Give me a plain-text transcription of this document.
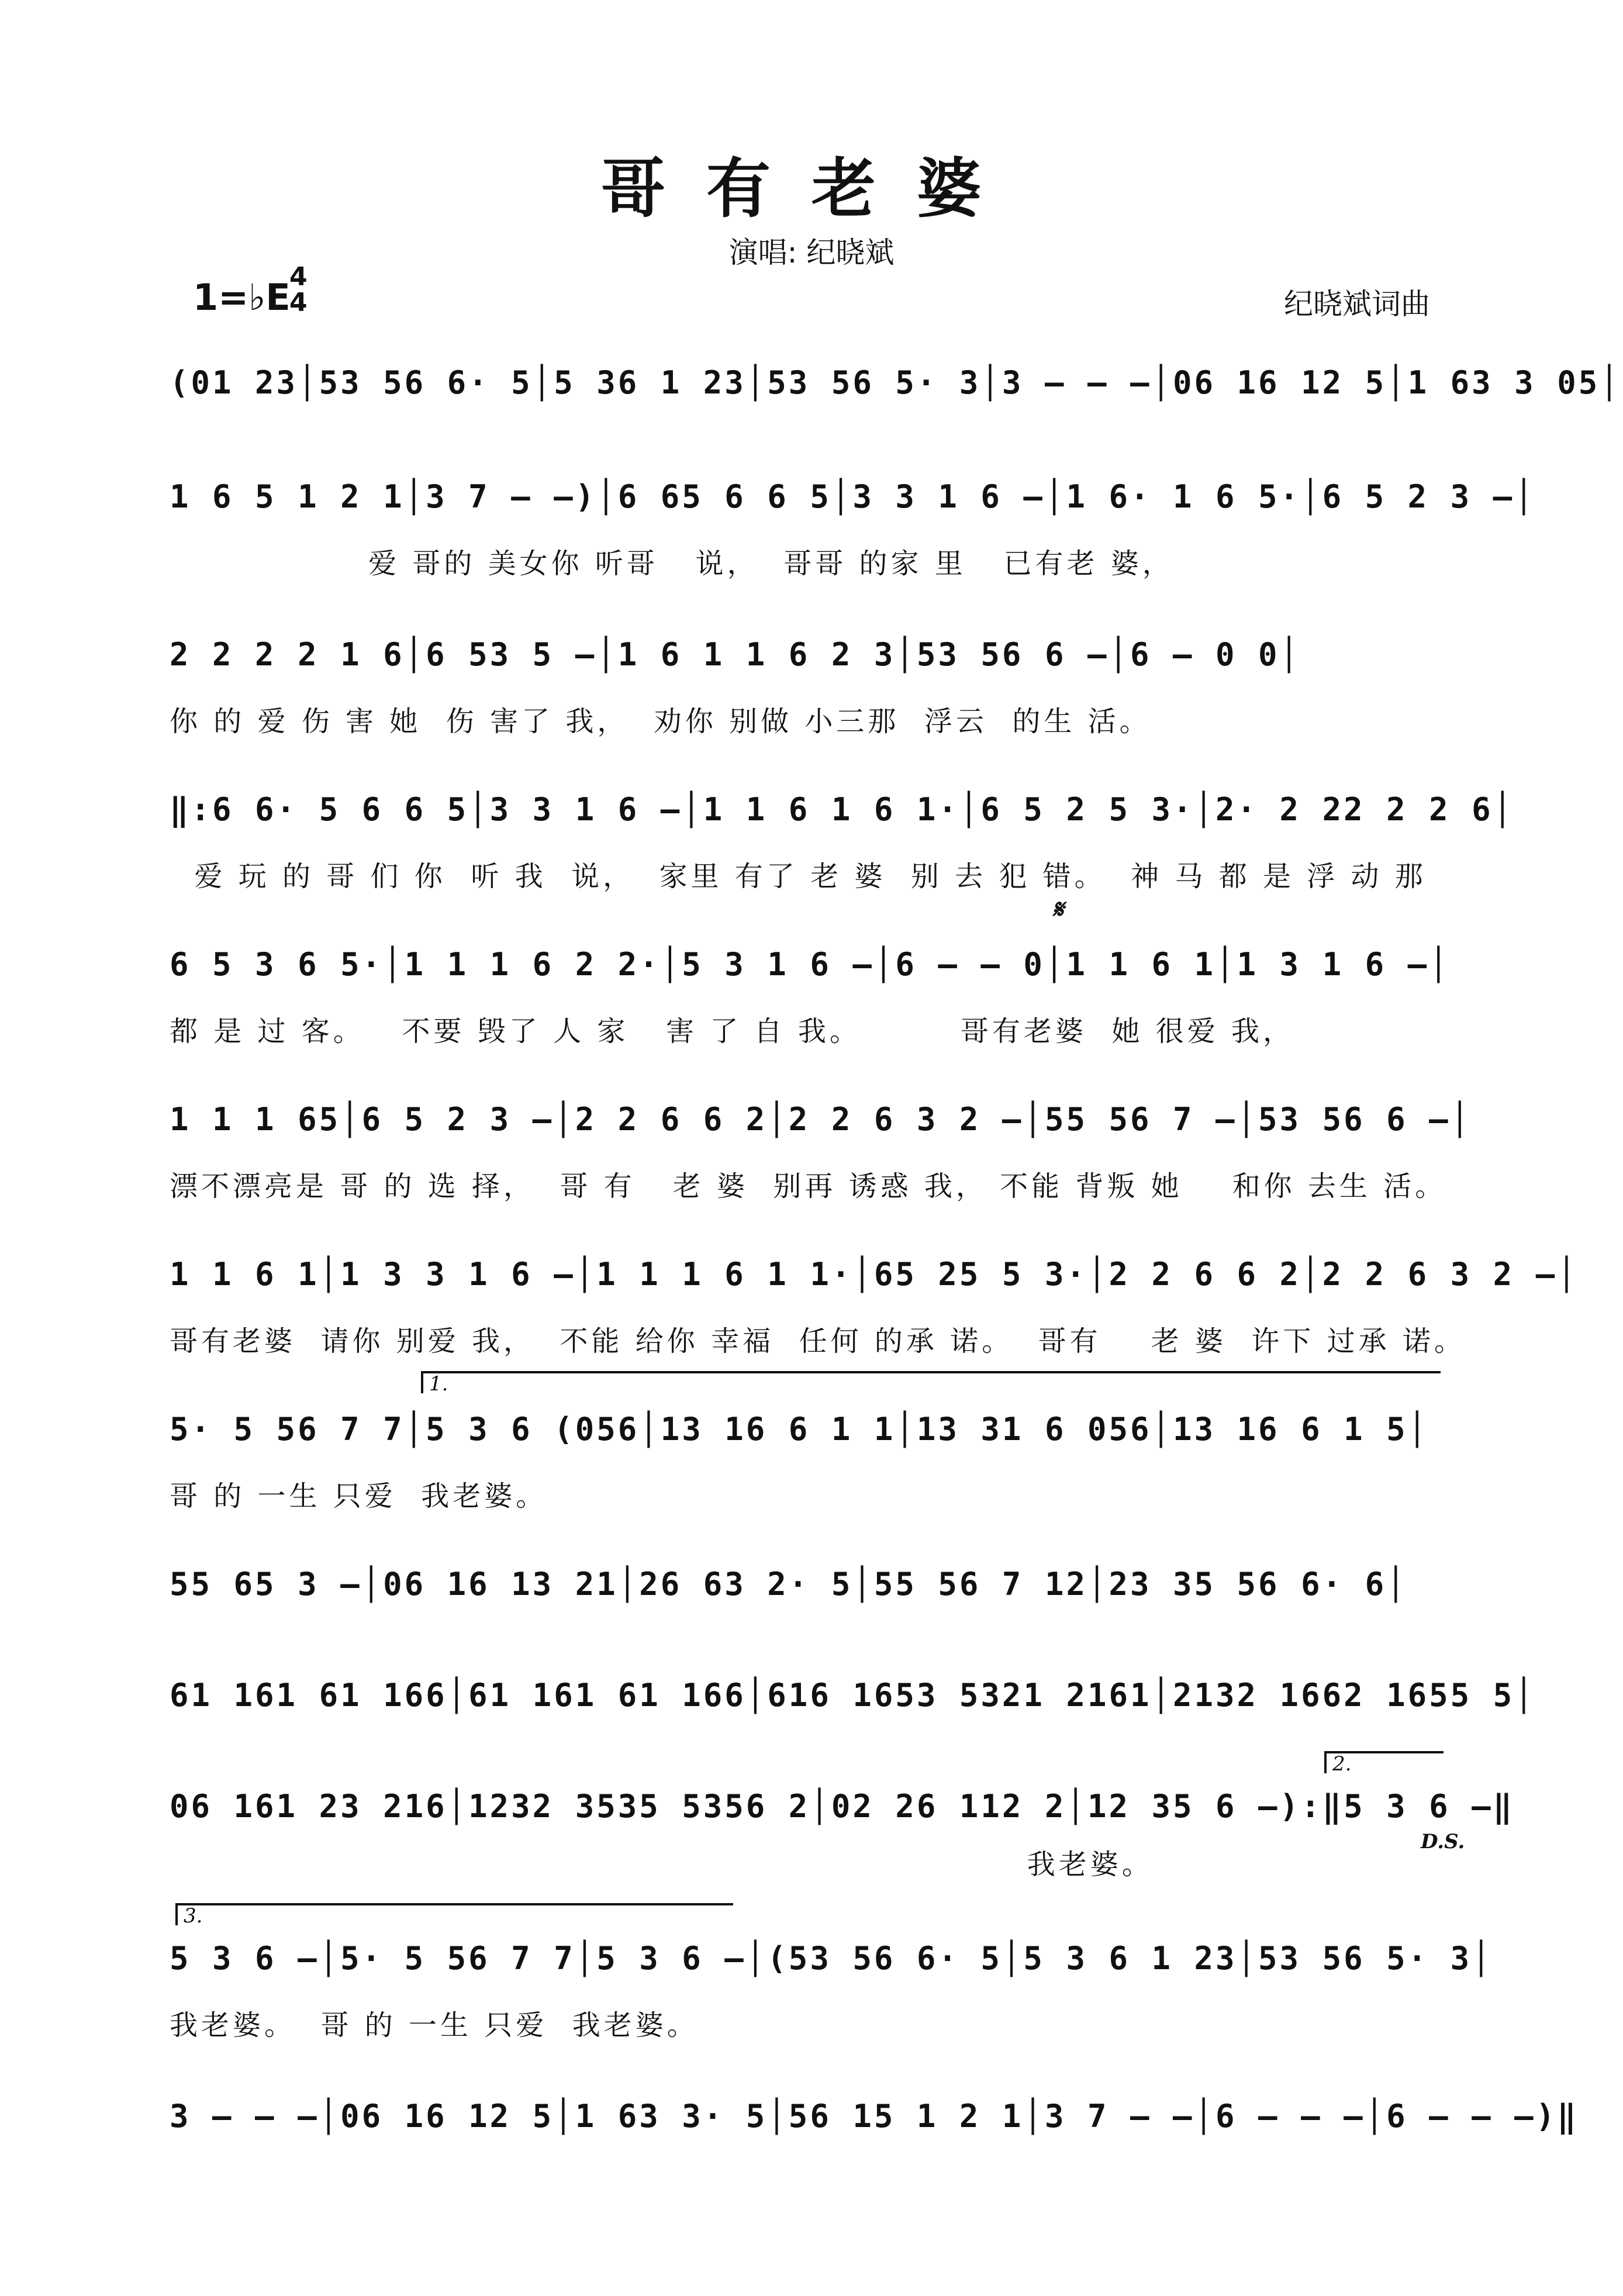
哥有老婆
演唱: 纪晓斌
1=♭E
4
4	纪晓斌词曲
(01 23│53 56 6· 5│5 36 1 23│53 56 5· 3│3 – – –│06 16 12 5│1 63 3 05│
1 6 5 1 2 1│3 7 – –)│6 65 6 6 5│3 3 1 6 –│1 6· 1 6 5·│6 5 2 3 –│
爱 哥的 美女你 听哥   说，  哥哥 的家 里   已有老 婆，
2 2 2 2 1 6│6 53 5 –│1 6 1 1 6 2 3│53 56 6 –│6 – 0 0│
你 的 爱 伤 害 她  伤 害了 我，  劝你 别做 小三那  浮云  的生 活。
‖:6 6· 5 6 6 5│3 3 1 6 –│1 1 6 1 6 1·│6 5 2 5 3·│2· 2 22 2 2 6│
爱 玩 的 哥 们 你  听 我  说，  家里 有了 老 婆  别 去 犯 错。  神 马 都 是 浮 动 那
𝄋
6 5 3 6 5·│1 1 1 6 2 2·│5 3 1 6 –│6 – – 0│1 1 6 1│1 3 1 6 –│
都 是 过 客。   不要 毁了 人 家   害 了 自 我。        哥有老婆  她 很爱 我，
1 1 1 65│6 5 2 3 –│2 2 6 6 2│2 2 6 3 2 –│55 56 7 –│53 56 6 –│
漂不漂亮是 哥 的 选 择，  哥 有   老 婆  别再 诱惑 我， 不能 背叛 她    和你 去生 活。
1 1 6 1│1 3 3 1 6 –│1 1 1 6 1 1·│65 25 5 3·│2 2 6 6 2│2 2 6 3 2 –│
哥有老婆  请你 别爱 我，  不能 给你 幸福  任何 的承 诺。  哥有    老 婆  许下 过承 诺。
1.
5· 5 56 7 7│5 3 6 (056│13 16 6 1 1│13 31 6 056│13 16 6 1 5│
哥 的 一生 只爱  我老婆。
55 65 3 –│06 16 13 21│26 63 2· 5│55 56 7 12│23 35 56 6· 6│
61 161 61 166│61 161 61 166│616 1653 5321 2161│2132 1662 1655 5│
2.
06 161 23 216│1232 3535 5356 2│02 26 112 2│12 35 6 –):‖5 3 6 –‖
我老婆。
D.S.
3.
5 3 6 –│5· 5 56 7 7│5 3 6 –│(53 56 6· 5│5 3 6 1 23│53 56 5· 3│
我老婆。  哥 的 一生 只爱  我老婆。
3 – – –│06 16 12 5│1 63 3· 5│56 15 1 2 1│3 7 – –│6 – – –│6 – – –)‖
